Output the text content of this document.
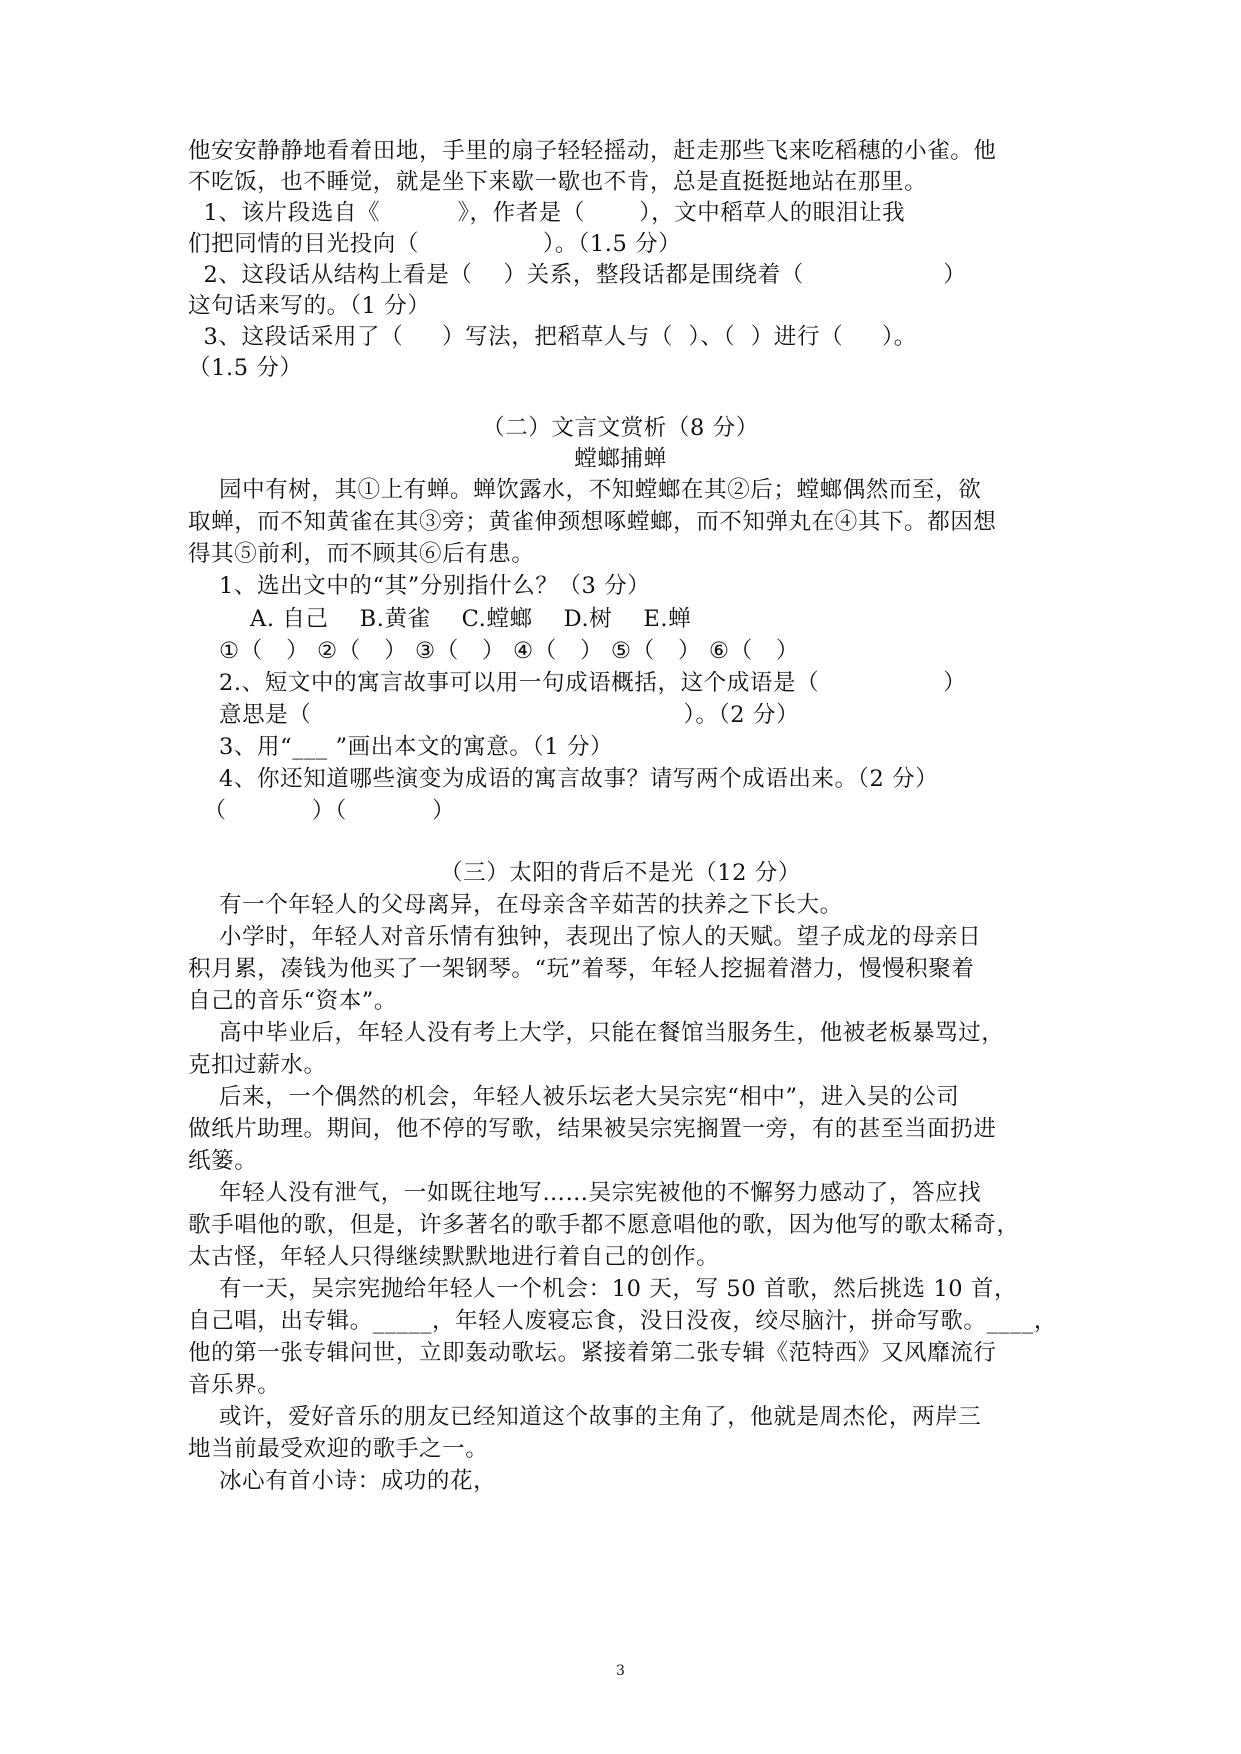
他安安静静地看着田地，手里的扇子轻轻摇动，赶走那些飞来吃稻穗的小雀。他
不吃饭，也不睡觉，就是坐下来歇一歇也不肯，总是直挺挺地站在那里。
1、该片段选自《          》，作者是（       ），文中稻草人的眼泪让我
们把同情的目光投向（                ）。（1.5 分）
2、这段话从结构上看是（    ）关系，整段话都是围绕着（                  ）
这句话来写的。（1 分）
3、这段话采用了（     ）写法，把稻草人与（  ）、（  ）进行（     ）。
（1.5 分）
（二）文言文赏析（8 分）
螳螂捕蝉
园中有树，其①上有蝉。蝉饮露水，不知螳螂在其②后；螳螂偶然而至，欲
取蝉，而不知黄雀在其③旁；黄雀伸颈想啄螳螂，而不知弹丸在④其下。都因想
得其⑤前利，而不顾其⑥后有患。
1、选出文中的“其”分别指什么？（3 分）
A. 自己    B.黄雀    C.螳螂    D.树    E.蝉
①（   ） ②（   ） ③（   ） ④（   ） ⑤（   ） ⑥（   ）
2.、短文中的寓言故事可以用一句成语概括，这个成语是（                ）
意思是（                                                ）。（2 分）
3、用“___ ”画出本文的寓意。（1 分）
4、你还知道哪些演变为成语的寓言故事？请写两个成语出来。（2 分）
（           ）（           ）
（三）太阳的背后不是光（12 分）
有一个年轻人的父母离异，在母亲含辛茹苦的扶养之下长大。
小学时，年轻人对音乐情有独钟，表现出了惊人的天赋。望子成龙的母亲日
积月累，凑钱为他买了一架钢琴。“玩”着琴，年轻人挖掘着潜力，慢慢积聚着
自己的音乐“资本”。
高中毕业后，年轻人没有考上大学，只能在餐馆当服务生，他被老板暴骂过，
克扣过薪水。
后来，一个偶然的机会，年轻人被乐坛老大吴宗宪“相中”，进入吴的公司
做纸片助理。期间，他不停的写歌，结果被吴宗宪搁置一旁，有的甚至当面扔进
纸篓。
年轻人没有泄气，一如既往地写……吴宗宪被他的不懈努力感动了，答应找
歌手唱他的歌，但是，许多著名的歌手都不愿意唱他的歌，因为他写的歌太稀奇，
太古怪，年轻人只得继续默默地进行着自己的创作。
有一天，吴宗宪抛给年轻人一个机会：10 天，写 50 首歌，然后挑选 10 首，
自己唱，出专辑。_____，年轻人废寝忘食，没日没夜，绞尽脑汁，拼命写歌。____，
他的第一张专辑问世，立即轰动歌坛。紧接着第二张专辑《范特西》又风靡流行
音乐界。
或许，爱好音乐的朋友已经知道这个故事的主角了，他就是周杰伦，两岸三
地当前最受欢迎的歌手之一。
冰心有首小诗：成功的花，
3
